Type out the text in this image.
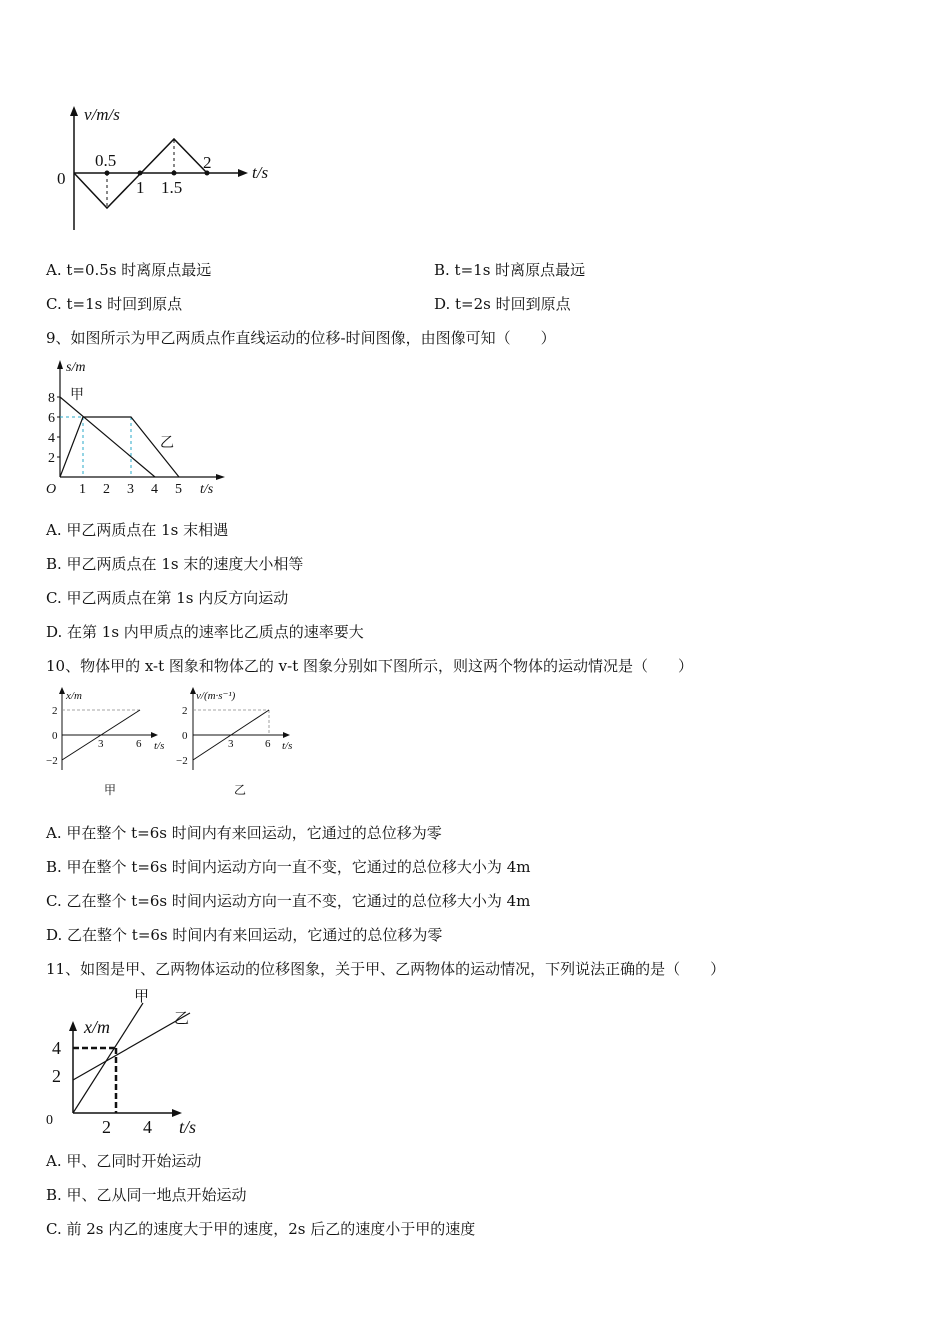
v/m/s
t/s
0
0.5
1 1.5
2
A. t=0.5s 时离原点最远	B. t=1s 时离原点最远
C. t=1s 时回到原点	D. t=2s 时回到原点
9、如图所示为甲乙两质点作直线运动的位移-时间图像，由图像可知（　　）
s/m
t/s
O
8
6
4
2
1 2 3 4 5
甲
乙
A. 甲乙两质点在 1s 末相遇
B. 甲乙两质点在 1s 末的速度大小相等
C. 甲乙两质点在第 1s 内反方向运动
D. 在第 1s 内甲质点的速率比乙质点的速率要大
10、物体甲的 x-t 图象和物体乙的 v-t 图象分别如下图所示，则这两个物体的运动情况是（　　）
x/m
t/s
2
0
−2
3	6
甲
v/(m·s⁻¹)
t/s
2
0
−2
3	6
乙
A. 甲在整个 t=6s 时间内有来回运动，它通过的总位移为零
B. 甲在整个 t=6s 时间内运动方向一直不变，它通过的总位移大小为 4m
C. 乙在整个 t=6s 时间内运动方向一直不变，它通过的总位移大小为 4m
D. 乙在整个 t=6s 时间内有来回运动，它通过的总位移为零
11、如图是甲、乙两物体运动的位移图象，关于甲、乙两物体的运动情况，下列说法正确的是（　　）
x/m
t/s
0
4
2
2 4
甲
乙
A. 甲、乙同时开始运动
B. 甲、乙从同一地点开始运动
C. 前 2s 内乙的速度大于甲的速度，2s 后乙的速度小于甲的速度
